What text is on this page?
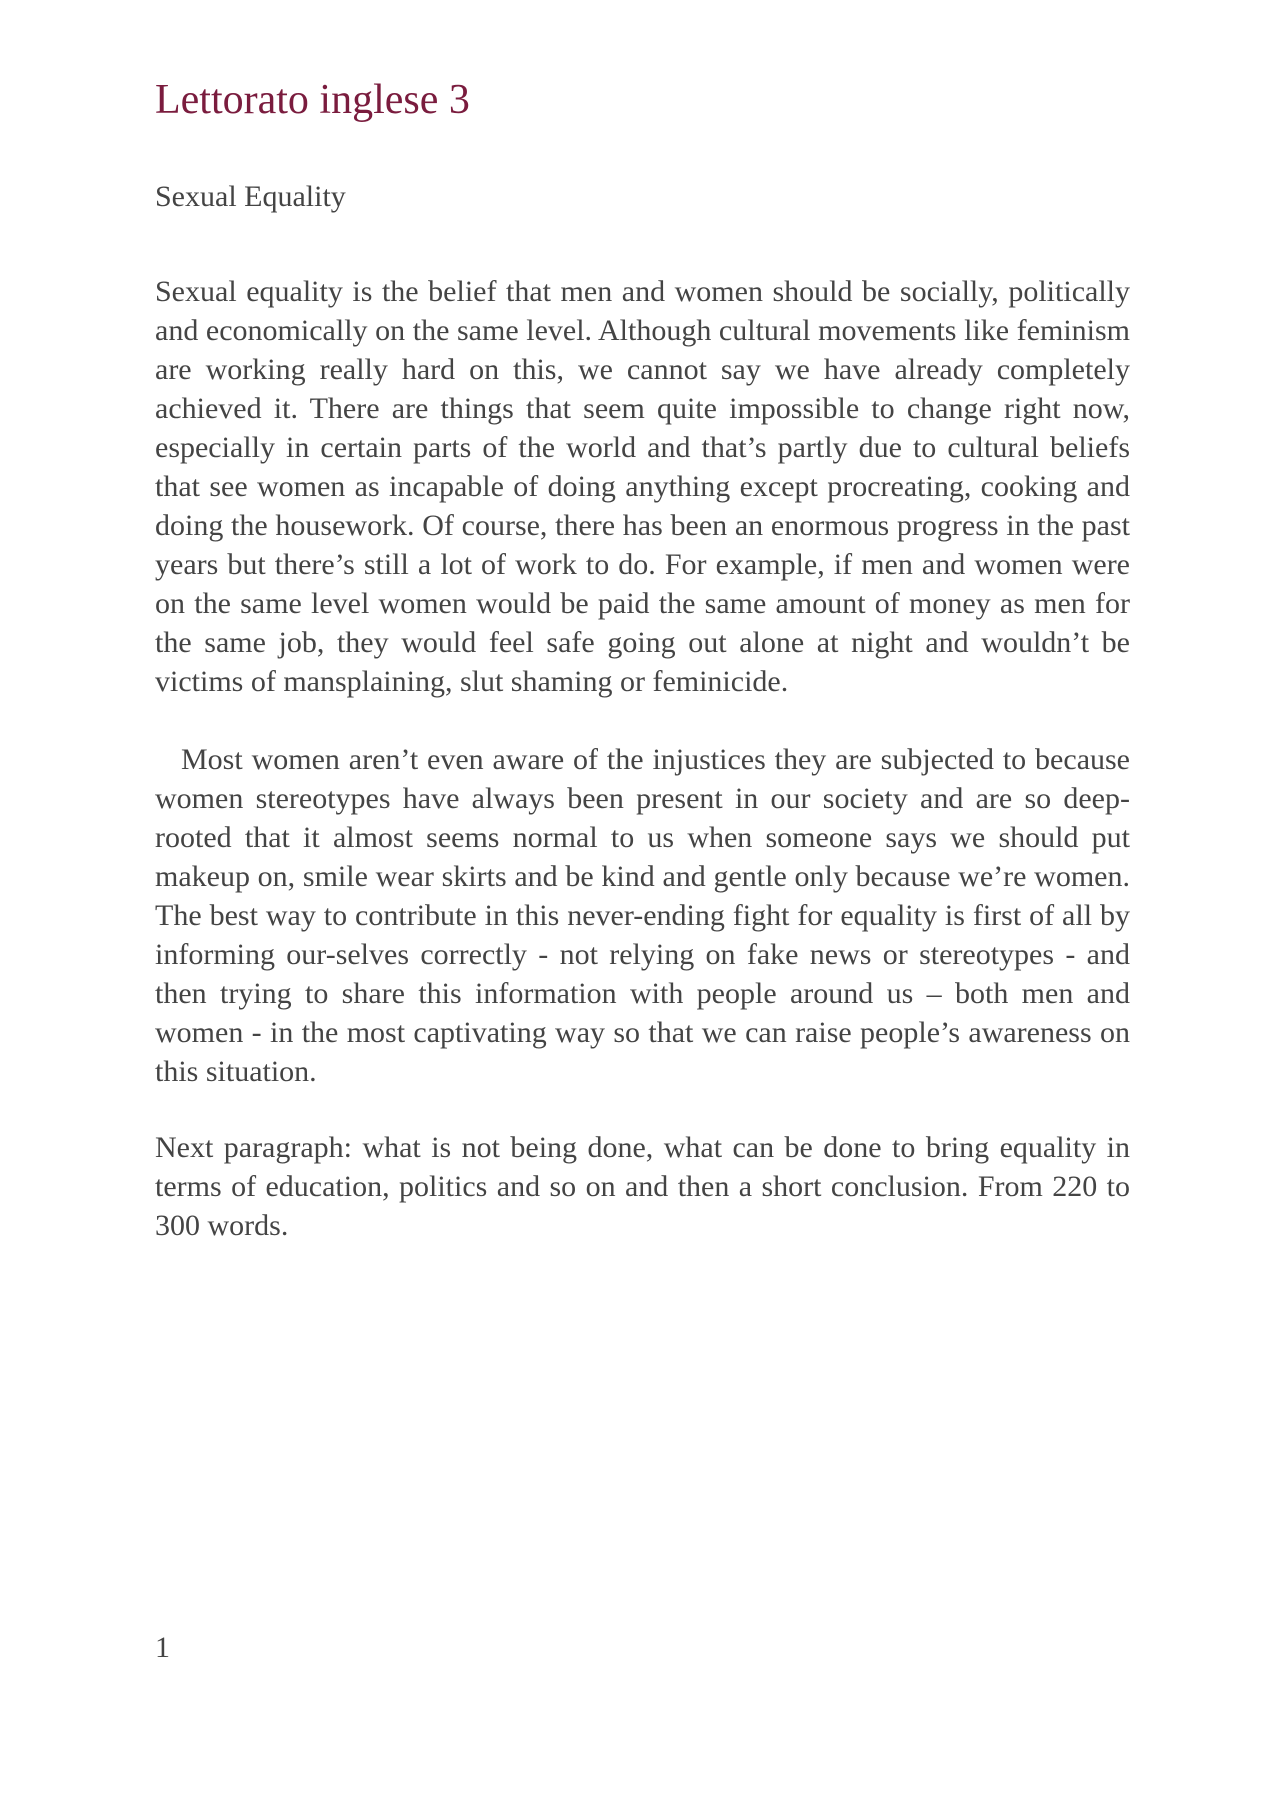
Lettorato inglese 3

Sexual Equality

Sexual equality is the belief that men and women should be socially, politically and economically on the same level. Although cultural movements like feminism are working really hard on this, we cannot say we have already completely achieved it. There are things that seem quite impossible to change right now, especially in certain parts of the world and that’s partly due to cultural beliefs that see women as incapable of doing anything except procreating, cooking and doing the housework. Of course, there has been an enormous progress in the past years but there’s still a lot of work to do. For example, if men and women were on the same level women would be paid the same amount of money as men for the same job, they would feel safe going out alone at night and wouldn’t be victims of mansplaining, slut shaming or feminicide.

Most women aren’t even aware of the injustices they are subjected to because women stereotypes have always been present in our society and are so deep-rooted that it almost seems normal to us when someone says we should put makeup on, smile wear skirts and be kind and gentle only because we’re women. The best way to contribute in this never-ending fight for equality is first of all by informing our-selves correctly - not relying on fake news or stereotypes - and then trying to share this information with people around us – both men and women - in the most captivating way so that we can raise people’s awareness on this situation.

Next paragraph: what is not being done, what can be done to bring equality in terms of education, politics and so on and then a short conclusion. From 220 to 300 words.

1
